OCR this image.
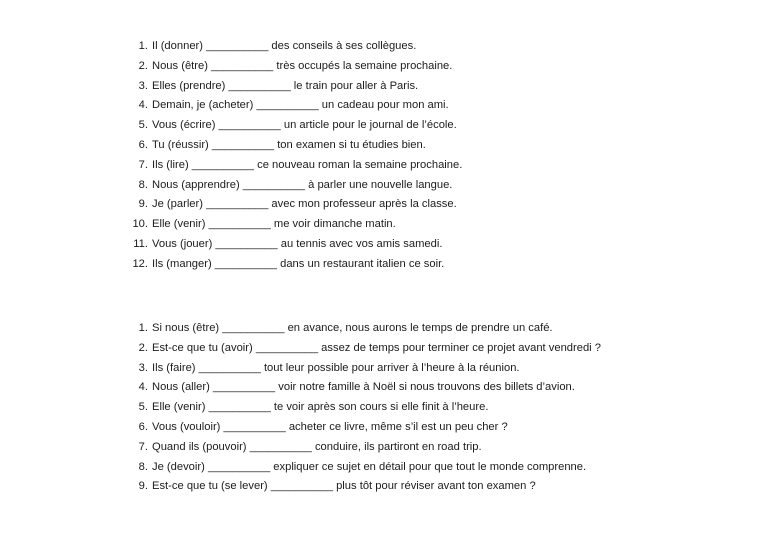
1. Il (donner) __________ des conseils à ses collègues.
2. Nous (être) __________ très occupés la semaine prochaine.
3. Elles (prendre) __________ le train pour aller à Paris.
4. Demain, je (acheter) __________ un cadeau pour mon ami.
5. Vous (écrire) __________ un article pour le journal de l’école.
6. Tu (réussir) __________ ton examen si tu étudies bien.
7. Ils (lire) __________ ce nouveau roman la semaine prochaine.
8. Nous (apprendre) __________ à parler une nouvelle langue.
9. Je (parler) __________ avec mon professeur après la classe.
10. Elle (venir) __________ me voir dimanche matin.
11. Vous (jouer) __________ au tennis avec vos amis samedi.
12. Ils (manger) __________ dans un restaurant italien ce soir.
1. Si nous (être) __________ en avance, nous aurons le temps de prendre un café.
2. Est-ce que tu (avoir) __________ assez de temps pour terminer ce projet avant vendredi ?
3. Ils (faire) __________ tout leur possible pour arriver à l’heure à la réunion.
4. Nous (aller) __________ voir notre famille à Noël si nous trouvons des billets d’avion.
5. Elle (venir) __________ te voir après son cours si elle finit à l’heure.
6. Vous (vouloir) __________ acheter ce livre, même s’il est un peu cher ?
7. Quand ils (pouvoir) __________ conduire, ils partiront en road trip.
8. Je (devoir) __________ expliquer ce sujet en détail pour que tout le monde comprenne.
9. Est-ce que tu (se lever) __________ plus tôt pour réviser avant ton examen ?
